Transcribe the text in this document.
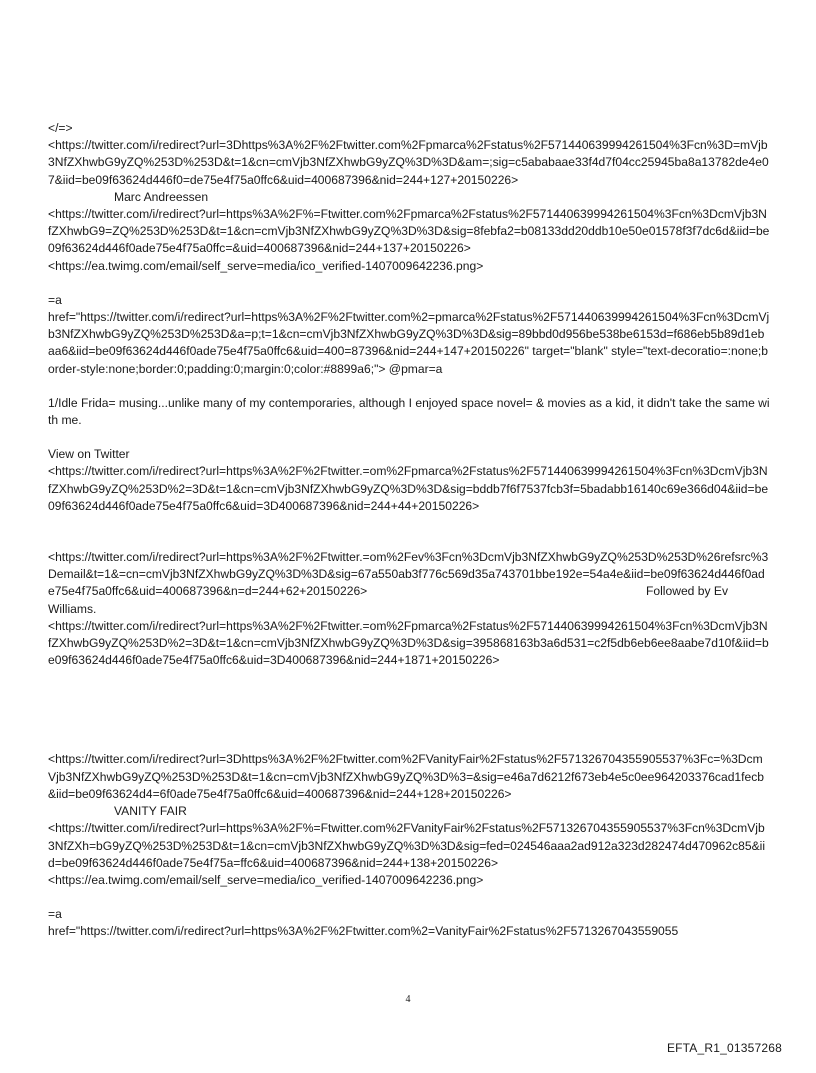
</=>

<https://twitter.com/i/redirect?url=3Dhttps%3A%2F%2Ftwitter.com%2Fpmarca%2Fstatus%2F571440639994261504%3Fcn%3D=mVjb3NfZXhwbG9yZQ%253D%253D&t=1&cn=cmVjb3NfZXhwbG9yZQ%3D%3D&am=;sig=c5ababaae33f4d7f04cc25945ba8a13782de4e07&iid=be09f63624d446f0=de75e4f75a0ffc6&uid=400687396&nid=244+127+20150226>

Marc Andreessen

<https://twitter.com/i/redirect?url=https%3A%2F%=Ftwitter.com%2Fpmarca%2Fstatus%2F571440639994261504%3Fcn%3DcmVjb3NfZXhwbG9=ZQ%253D%253D&t=1&cn=cmVjb3NfZXhwbG9yZQ%3D%3D&sig=8febfa2=b08133dd20ddb10e50e01578f3f7dc6d&iid=be09f63624d446f0ade75e4f75a0ffc=&uid=400687396&nid=244+137+20150226>

<https://ea.twimg.com/email/self_serve=media/ico_verified-1407009642236.png>

=a

href="https://twitter.com/i/redirect?url=https%3A%2F%2Ftwitter.com%2=pmarca%2Fstatus%2F571440639994261504%3Fcn%3DcmVjb3NfZXhwbG9yZQ%253D%253D&a=p;t=1&cn=cmVjb3NfZXhwbG9yZQ%3D%3D&sig=89bbd0d956be538be6153d=f686eb5b89d1ebaa6&iid=be09f63624d446f0ade75e4f75a0ffc6&uid=400=87396&nid=244+147+20150226" target="blank" style="text-decoratio=:none;border-style:none;border:0;padding:0;margin:0;color:#8899a6;"> @pmar=a

1/Idle Frida= musing...unlike many of my contemporaries, although I enjoyed space novel= & movies as a kid, it didn't take the same with me.

View on Twitter

<https://twitter.com/i/redirect?url=https%3A%2F%2Ftwitter.=om%2Fpmarca%2Fstatus%2F571440639994261504%3Fcn%3DcmVjb3NfZXhwbG9yZQ%253D%2=3D&t=1&cn=cmVjb3NfZXhwbG9yZQ%3D%3D&sig=bddb7f6f7537fcb3f=5badabb16140c69e366d04&iid=be09f63624d446f0ade75e4f75a0ffc6&uid=3D400687396&nid=244+44+20150226>

<https://twitter.com/i/redirect?url=https%3A%2F%2Ftwitter.=om%2Fev%3Fcn%3DcmVjb3NfZXhwbG9yZQ%253D%253D%26refsrc%3Demail&t=1&=cn=cmVjb3NfZXhwbG9yZQ%3D%3D&sig=67a550ab3f776c569d35a743701bbe192e=54a4e&iid=be09f63624d446f0ade75e4f75a0ffc6&uid=400687396&n=d=244+62+20150226>	Followed by Ev

Williams.

<https://twitter.com/i/redirect?url=https%3A%2F%2Ftwitter.=om%2Fpmarca%2Fstatus%2F571440639994261504%3Fcn%3DcmVjb3NfZXhwbG9yZQ%253D%2=3D&t=1&cn=cmVjb3NfZXhwbG9yZQ%3D%3D&sig=395868163b3a6d531=c2f5db6eb6ee8aabe7d10f&iid=be09f63624d446f0ade75e4f75a0ffc6&uid=3D400687396&nid=244+1871+20150226>

<https://twitter.com/i/redirect?url=3Dhttps%3A%2F%2Ftwitter.com%2FVanityFair%2Fstatus%2F571326704355905537%3Fc=%3DcmVjb3NfZXhwbG9yZQ%253D%253D&t=1&cn=cmVjb3NfZXhwbG9yZQ%3D%3=&sig=e46a7d6212f673eb4e5c0ee964203376cad1fecb&iid=be09f63624d4=6f0ade75e4f75a0ffc6&uid=400687396&nid=244+128+20150226>

VANITY FAIR

<https://twitter.com/i/redirect?url=https%3A%2F%=Ftwitter.com%2FVanityFair%2Fstatus%2F571326704355905537%3Fcn%3DcmVjb3NfZXh=bG9yZQ%253D%253D&t=1&cn=cmVjb3NfZXhwbG9yZQ%3D%3D&sig=fed=024546aaa2ad912a323d282474d470962c85&iid=be09f63624d446f0ade75e4f75a=ffc6&uid=400687396&nid=244+138+20150226>

<https://ea.twimg.com/email/self_serve=media/ico_verified-1407009642236.png>

=a

href="https://twitter.com/i/redirect?url=https%3A%2F%2Ftwitter.com%2=VanityFair%2Fstatus%2F5713267043559055

4
EFTA_R1_01357268
